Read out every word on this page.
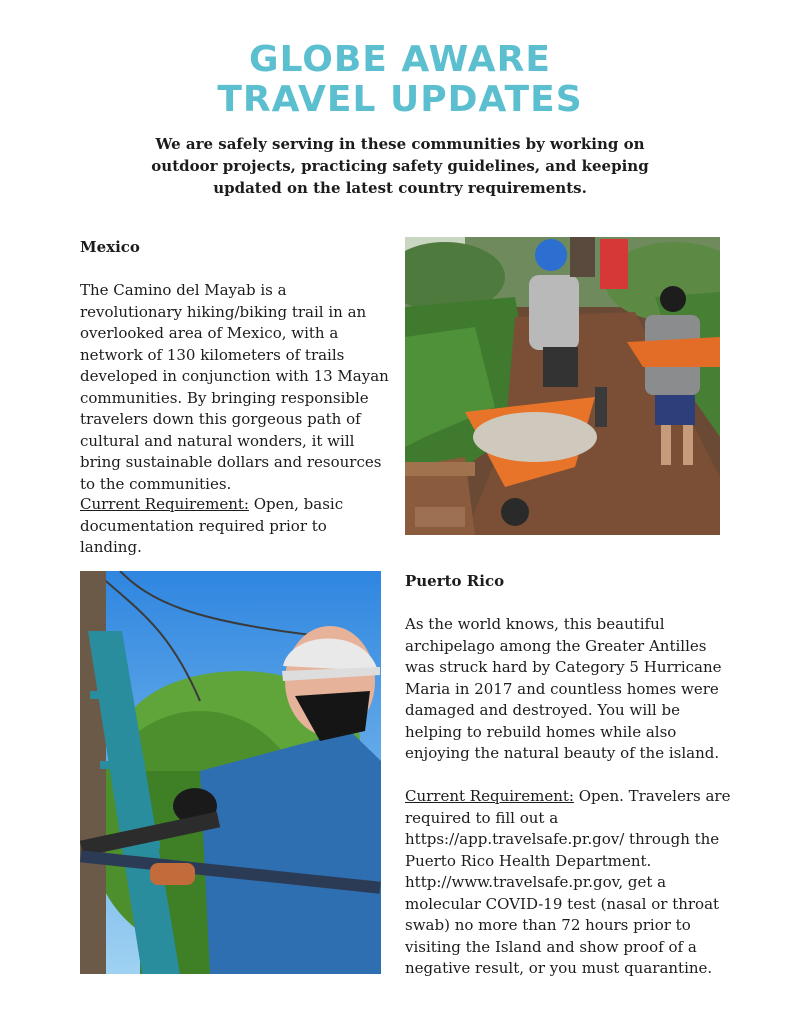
GLOBE AWARE
TRAVEL UPDATES

We are safely serving in these communities by working on outdoor projects, practicing safety guidelines, and keeping updated on the latest country requirements.

Mexico

The Camino del Mayab is a revolutionary hiking/biking trail in an overlooked area of Mexico, with a network of 130 kilometers of trails developed in conjunction with 13 Mayan communities. By bringing responsible travelers down this gorgeous path of cultural and natural wonders, it will bring sustainable dollars and resources to the communities.

Current Requirement: Open, basic documentation required prior to landing.

Puerto Rico

As the world knows, this beautiful archipelago among the Greater Antilles was struck hard by Category 5 Hurricane Maria in 2017 and countless homes were damaged and destroyed. You will be helping to rebuild homes while also enjoying the natural beauty of the island.

Current Requirement: Open. Travelers are required to fill out a https://app.travelsafe.pr.gov/ through the Puerto Rico Health Department. http://www.travelsafe.pr.gov, get a molecular COVID-19 test (nasal or throat swab) no more than 72 hours prior to visiting the Island and show proof of a negative result, or you must quarantine.
